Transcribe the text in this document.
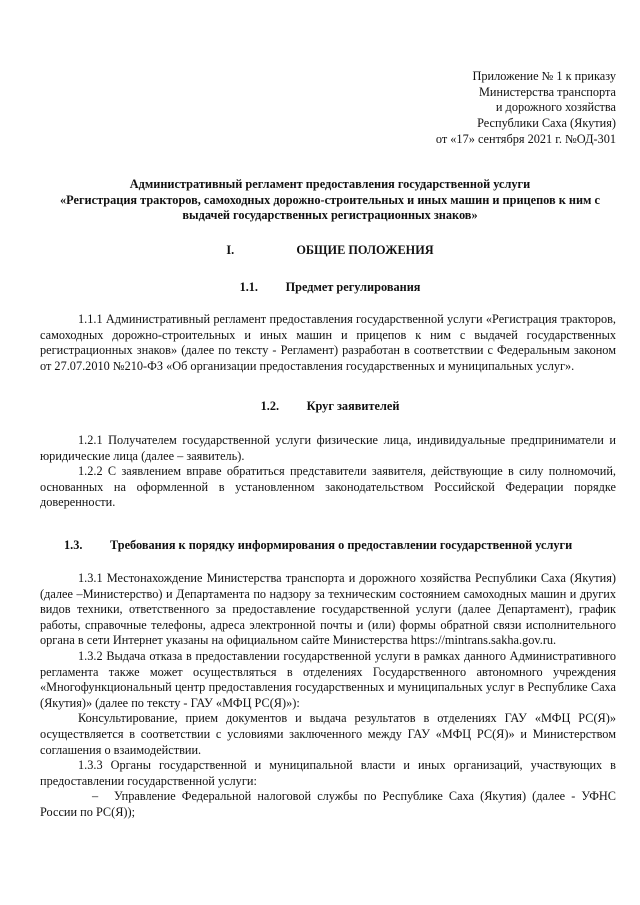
Приложение № 1 к приказу
Министерства транспорта
и дорожного хозяйства
Республики Саха (Якутия)
от «17» сентября 2021 г. №ОД-301
Административный регламент предоставления государственной услуги
«Регистрация тракторов, самоходных дорожно-строительных и иных машин и прицепов к ним с
выдачей государственных регистрационных знаков»
I.	ОБЩИЕ ПОЛОЖЕНИЯ
1.1. Предмет регулирования

1.1.1 Административный регламент предоставления государственной услуги «Регистрация тракторов, самоходных дорожно-строительных и иных машин и прицепов к ним с выдачей государственных регистрационных знаков» (далее по тексту - Регламент) разработан в соответствии с Федеральным законом от 27.07.2010 №210-ФЗ «Об организации предоставления государственных и муниципальных услуг».

1.2. Круг заявителей

1.2.1 Получателем государственной услуги физические лица, индивидуальные предприниматели и юридические лица (далее – заявитель).

1.2.2 С заявлением вправе обратиться представители заявителя, действующие в силу полномочий, основанных на оформленной в установленном законодательством Российской Федерации порядке доверенности.

1.3. Требования к порядку информирования о предоставлении государственной услуги

1.3.1 Местонахождение Министерства транспорта и дорожного хозяйства Республики Саха (Якутия) (далее –Министерство) и Департамента по надзору за техническим состоянием самоходных машин и других видов техники, ответственного за предоставление государственной услуги (далее Департамент), график работы, справочные телефоны, адреса электронной почты и (или) формы обратной связи исполнительного органа в сети Интернет указаны на официальном сайте Министерства https://mintrans.sakha.gov.ru.

1.3.2 Выдача отказа в предоставлении государственной услуги в рамках данного Административного регламента также может осуществляться в отделениях Государственного автономного учреждения «Многофункциональный центр предоставления государственных и муниципальных услуг в Республике Саха (Якутия)» (далее по тексту - ГАУ «МФЦ РС(Я)»):

Консультирование, прием документов и выдача результатов в отделениях ГАУ «МФЦ РС(Я)» осуществляется в соответствии с условиями заключенного между ГАУ «МФЦ РС(Я)» и Министерством соглашения о взаимодействии.

1.3.3 Органы государственной и муниципальной власти и иных организаций, участвующих в предоставлении государственной услуги:

– Управление Федеральной налоговой службы по Республике Саха (Якутия) (далее - УФНС России по РС(Я));
